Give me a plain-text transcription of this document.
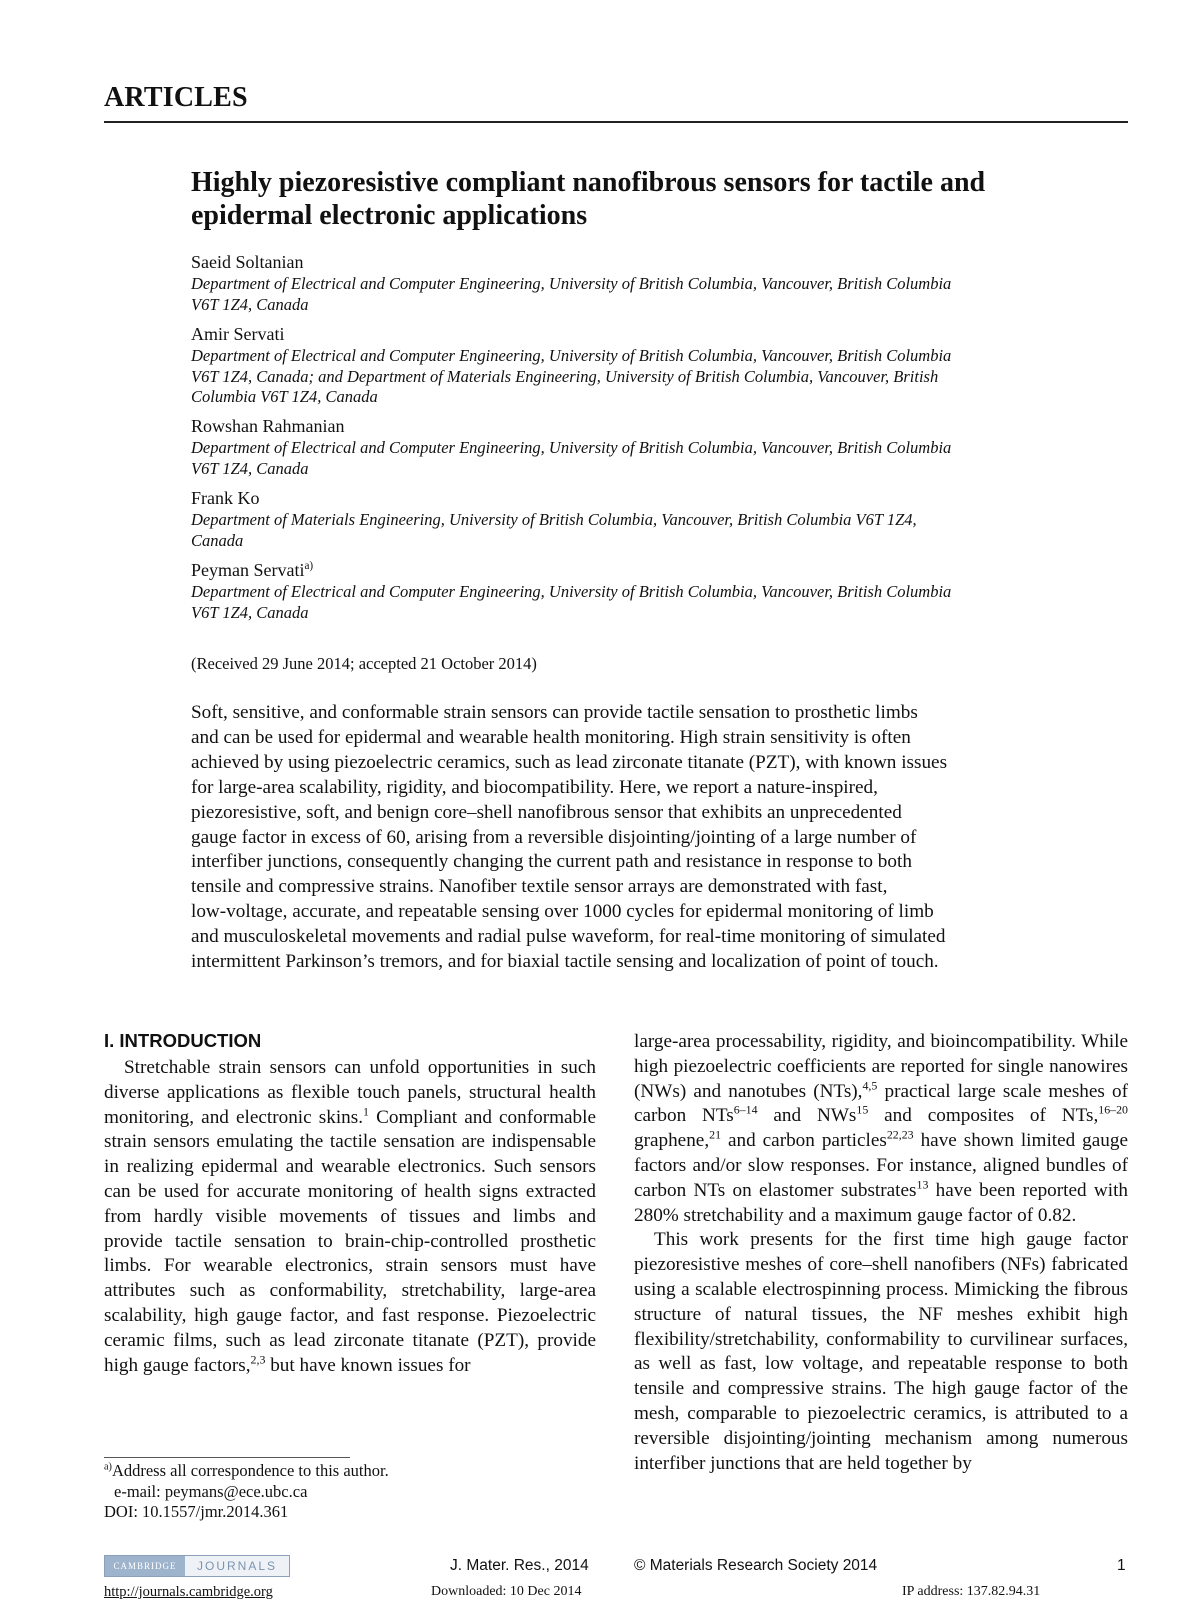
ARTICLES
Highly piezoresistive compliant nanofibrous sensors for tactile and
epidermal electronic applications
Saeid Soltanian
Department of Electrical and Computer Engineering, University of British Columbia, Vancouver, British Columbia
V6T 1Z4, Canada
Amir Servati
Department of Electrical and Computer Engineering, University of British Columbia, Vancouver, British Columbia
V6T 1Z4, Canada; and Department of Materials Engineering, University of British Columbia, Vancouver, British
Columbia V6T 1Z4, Canada
Rowshan Rahmanian
Department of Electrical and Computer Engineering, University of British Columbia, Vancouver, British Columbia
V6T 1Z4, Canada
Frank Ko
Department of Materials Engineering, University of British Columbia, Vancouver, British Columbia V6T 1Z4,
Canada
Peyman Servati$^{a)}$
Department of Electrical and Computer Engineering, University of British Columbia, Vancouver, British Columbia
V6T 1Z4, Canada
(Received 29 June 2014; accepted 21 October 2014)
Soft, sensitive, and conformable strain sensors can provide tactile sensation to prosthetic limbs
and can be used for epidermal and wearable health monitoring. High strain sensitivity is often
achieved by using piezoelectric ceramics, such as lead zirconate titanate (PZT), with known issues
for large-area scalability, rigidity, and biocompatibility. Here, we report a nature-inspired,
piezoresistive, soft, and benign core–shell nanofibrous sensor that exhibits an unprecedented
gauge factor in excess of 60, arising from a reversible disjointing/jointing of a large number of
interfiber junctions, consequently changing the current path and resistance in response to both
tensile and compressive strains. Nanofiber textile sensor arrays are demonstrated with fast,
low-voltage, accurate, and repeatable sensing over 1000 cycles for epidermal monitoring of limb
and musculoskeletal movements and radial pulse waveform, for real-time monitoring of simulated
intermittent Parkinson’s tremors, and for biaxial tactile sensing and localization of point of touch.
I. INTRODUCTION

Stretchable strain sensors can unfold opportunities in such diverse applications as flexible touch panels, structural health monitoring, and electronic skins.$^1$ Compliant and conformable strain sensors emulating the tactile sensation are indispensable in realizing epidermal and wearable electronics. Such sensors can be used for accurate monitoring of health signs extracted from hardly visible movements of tissues and limbs and provide tactile sensation to brain-chip-controlled prosthetic limbs. For wearable electronics, strain sensors must have attributes such as conformability, stretchability, large-area scalability, high gauge factor, and fast response. Piezoelectric ceramic films, such as lead zirconate titanate (PZT), provide high gauge factors,$^{2,3}$ but have known issues for

large-area processability, rigidity, and bioincompatibility. While high piezoelectric coefficients are reported for single nanowires (NWs) and nanotubes (NTs),$^{4,5}$ practical large scale meshes of carbon NTs$^{6-14}$ and NWs$^{15}$ and composites of NTs,$^{16-20}$ graphene,$^{21}$ and carbon particles$^{22,23}$ have shown limited gauge factors and/or slow responses. For instance, aligned bundles of carbon NTs on elastomer substrates$^{13}$ have been reported with 280% stretchability and a maximum gauge factor of 0.82.

This work presents for the first time high gauge factor piezoresistive meshes of core–shell nanofibers (NFs) fabricated using a scalable electrospinning process. Mimicking the fibrous structure of natural tissues, the NF meshes exhibit high flexibility/stretchability, conformability to curvilinear surfaces, as well as fast, low voltage, and repeatable response to both tensile and compressive strains. The high gauge factor of the mesh, comparable to piezoelectric ceramics, is attributed to a reversible disjointing/jointing mechanism among numerous interfiber junctions that are held together by

$^{a)}$Address all correspondence to this author.
e-mail: peymans@ece.ubc.ca
DOI: 10.1557/jmr.2014.361
CAMBRIDGE	JOURNALS	J. Mater. Res., 2014	© Materials Research Society 2014	1
http://journals.cambridge.org	Downloaded: 10 Dec 2014	IP address: 137.82.94.31
